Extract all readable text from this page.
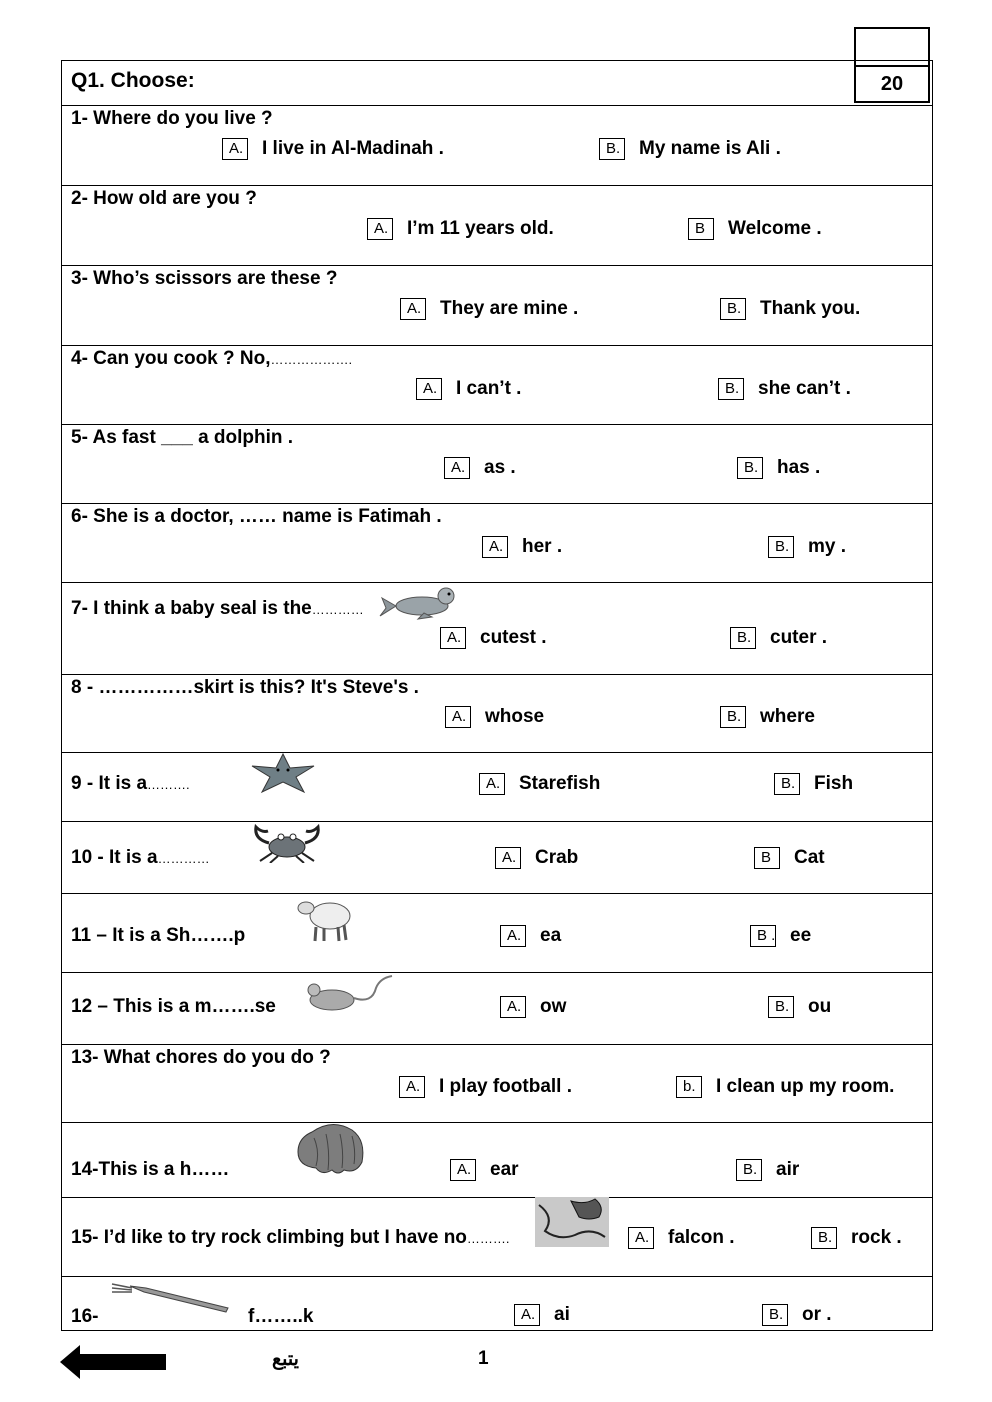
20
Q1. Choose:
1- Where do you live ?
A. I live in Al-Madinah .	B. My name is Ali .
2- How old are you ?
A. I’m 11 years old.	B	Welcome .
3- Who’s scissors are these ?
A. They are mine .	B. Thank you.
4- Can you cook ? No,……………….
A. I can’t .	B. she can’t .
5- As fast ___ a dolphin .
A. as .	B. has .
6- She is a doctor, …… name is Fatimah .
A. her .	B. my .
7- I think a baby seal is the…………
A. cutest .	B. cuter .
8 - ……………skirt is this? It's Steve's .
A. whose	B. where
9 - It is a……….	A. Starefish	B. Fish
10 - It is a…………	A. Crab	B	Cat
11 – It is a Sh…….p	A. ea	B . ee
12 – This is a m…….se	A. ow	B. ou
13- What chores do you do ?
A. I play football .	b.	I clean up my room.
14-This is a h……	A. ear	B. air
15- I’d like to try rock climbing but I have no……….	A. falcon .	B. rock .
16-	f……..k	A. ai	B. or .
يتبع	1
